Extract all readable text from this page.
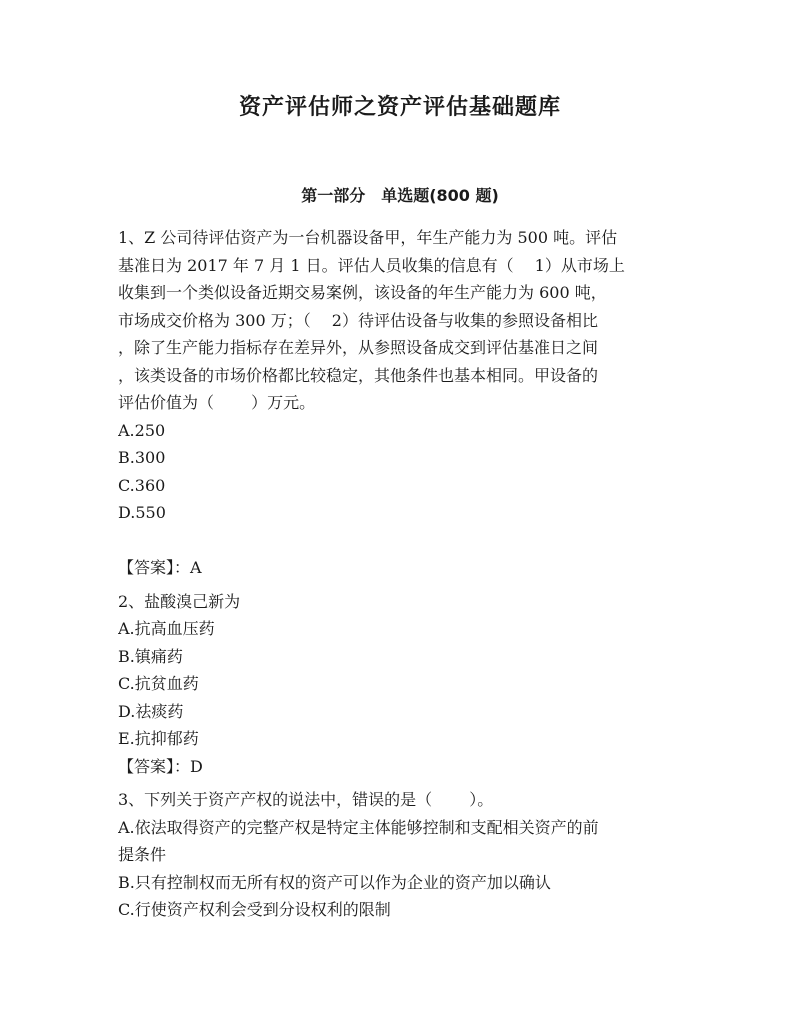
资产评估师之资产评估基础题库
第一部分　单选题(800 题)
1、Z 公司待评估资产为一台机器设备甲，年生产能力为 500 吨。评估
基准日为 2017 年 7 月 1 日。评估人员收集的信息有（　 1）从市场上
收集到一个类似设备近期交易案例，该设备的年生产能力为 600 吨，
市场成交价格为 300 万；（　 2）待评估设备与收集的参照设备相比
，除了生产能力指标存在差异外，从参照设备成交到评估基准日之间
，该类设备的市场价格都比较稳定，其他条件也基本相同。甲设备的
评估价值为（　　 ）万元。
A.250
B.300
C.360
D.550
【答案】：A
2、盐酸溴己新为
A.抗高血压药
B.镇痛药
C.抗贫血药
D.祛痰药
E.抗抑郁药
【答案】：D
3、下列关于资产产权的说法中，错误的是（　　 ）。
A.依法取得资产的完整产权是特定主体能够控制和支配相关资产的前
提条件
B.只有控制权而无所有权的资产可以作为企业的资产加以确认
C.行使资产权利会受到分设权利的限制
